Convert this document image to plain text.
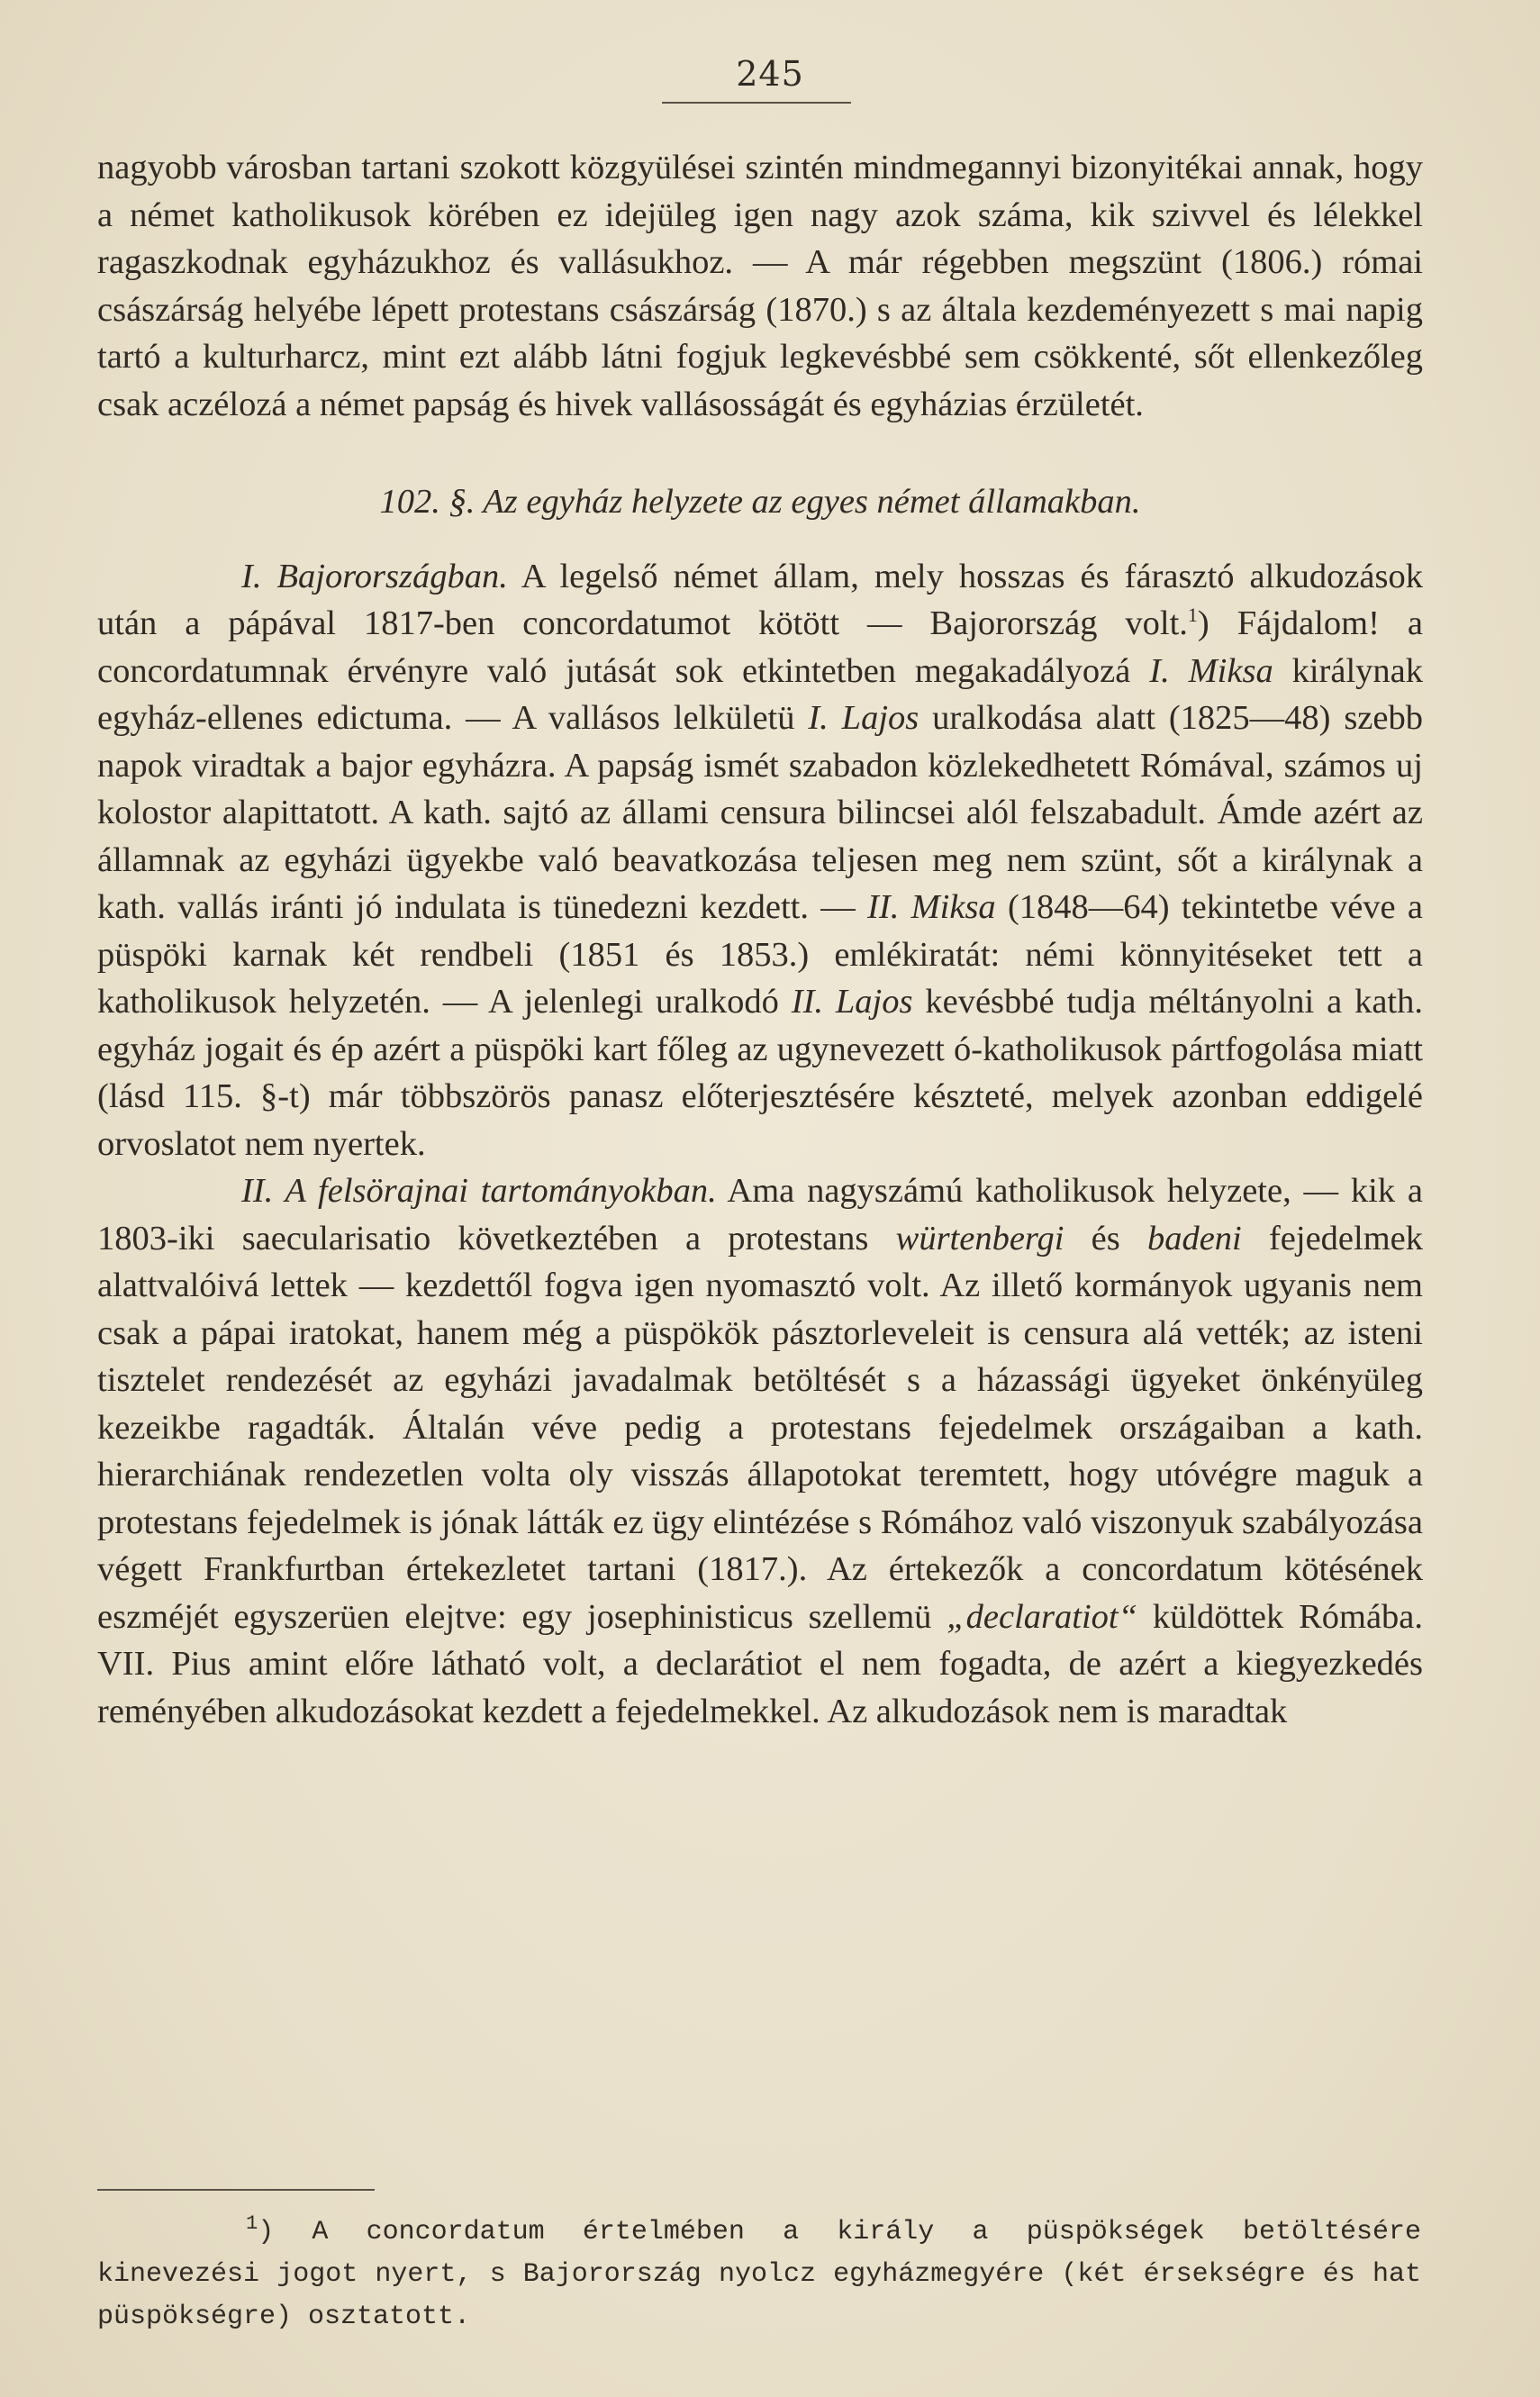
245

nagyobb városban tartani szokott közgyülései szintén mindmegannyi bizonyitékai annak, hogy a német katholikusok körében ez idejüleg igen nagy azok száma, kik szivvel és lélekkel ragaszkodnak egyházukhoz és vallásukhoz. — A már régebben megszünt (1806.) római császárság helyébe lépett protestans császárság (1870.) s az általa kezdeményezett s mai napig tartó a kulturharcz, mint ezt alább látni fogjuk legkevésbbé sem csökkenté, sőt ellenkezőleg csak aczélozá a német papság és hivek vallásosságát és egyházias érzületét.

102. §. Az egyház helyzete az egyes német államakban.

I. Bajorországban. A legelső német állam, mely hosszas és fárasztó alkudozások után a pápával 1817-ben concordatumot kötött — Bajorország volt.$^1$) Fájdalom! a concordatumnak érvényre való jutását sok etkintetben megakadályozá I. Miksa királynak egyház-ellenes edictuma. — A vallásos lelkületü I. Lajos uralkodása alatt (1825—48) szebb napok viradtak a bajor egyházra. A papság ismét szabadon közlekedhetett Rómával, számos uj kolostor alapittatott. A kath. sajtó az állami censura bilincsei alól felszabadult. Ámde azért az államnak az egyházi ügyekbe való beavatkozása teljesen meg nem szünt, sőt a királynak a kath. vallás iránti jó indulata is tünedezni kezdett. — II. Miksa (1848—64) tekintetbe véve a püspöki karnak két rendbeli (1851 és 1853.) emlékiratát: némi könnyitéseket tett a katholikusok helyzetén. — A jelenlegi uralkodó II. Lajos kevésbbé tudja méltányolni a kath. egyház jogait és ép azért a püspöki kart főleg az ugynevezett ó-katholikusok pártfogolása miatt (lásd 115. §-t) már többszörös panasz előterjesztésére készteté, melyek azonban eddigelé orvoslatot nem nyertek.

II. A felsörajnai tartományokban. Ama nagyszámú katholikusok helyzete, — kik a 1803-iki saecularisatio következtében a protestans würtenbergi és badeni fejedelmek alattvalóivá lettek — kezdettől fogva igen nyomasztó volt. Az illető kormányok ugyanis nem csak a pápai iratokat, hanem még a püspökök pásztorleveleit is censura alá vették; az isteni tisztelet rendezését az egyházi javadalmak betöltését s a házassági ügyeket önkényüleg kezeikbe ragadták. Általán véve pedig a protestans fejedelmek országaiban a kath. hierarchiának rendezetlen volta oly visszás állapotokat teremtett, hogy utóvégre maguk a protestans fejedelmek is jónak látták ez ügy elintézése s Rómához való viszonyuk szabályozása végett Frankfurtban értekezletet tartani (1817.). Az értekezők a concordatum kötésének eszméjét egyszerüen elejtve: egy josephinisticus szellemü „declaratiot“ küldöttek Rómába. VII. Pius amint előre látható volt, a declarátiot el nem fogadta, de azért a kiegyezkedés reményében alkudozásokat kezdett a fejedelmekkel. Az alkudozások nem is maradtak

$^1$) A concordatum értelmében a király a püspökségek betöltésére kinevezési jogot nyert, s Bajorország nyolcz egyházmegyére (két érsekségre és hat püspökségre) osztatott.
